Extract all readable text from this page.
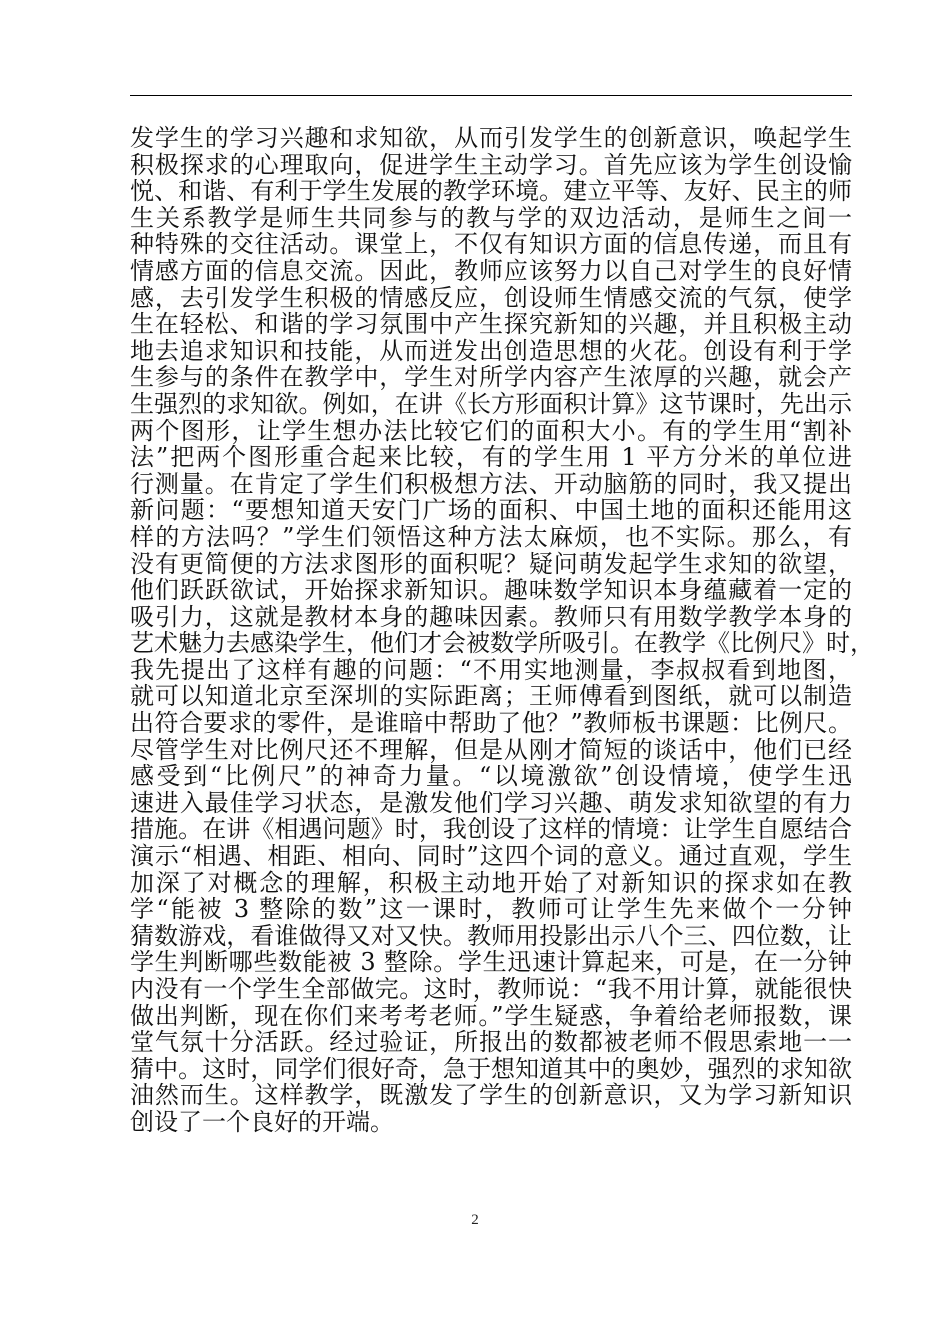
发学生的学习兴趣和求知欲，从而引发学生的创新意识，唤起学生
积极探求的心理取向，促进学生主动学习。首先应该为学生创设愉
悦、和谐、有利于学生发展的教学环境。建立平等、友好、民主的师
生关系教学是师生共同参与的教与学的双边活动，是师生之间一
种特殊的交往活动。课堂上，不仅有知识方面的信息传递，而且有
情感方面的信息交流。因此，教师应该努力以自己对学生的良好情
感，去引发学生积极的情感反应，创设师生情感交流的气氛，使学
生在轻松、和谐的学习氛围中产生探究新知的兴趣，并且积极主动
地去追求知识和技能，从而迸发出创造思想的火花。创设有利于学
生参与的条件在教学中，学生对所学内容产生浓厚的兴趣，就会产
生强烈的求知欲。例如，在讲《长方形面积计算》这节课时，先出示
两个图形，让学生想办法比较它们的面积大小。有的学生用“割补
法”把两个图形重合起来比较，有的学生用 1 平方分米的单位进
行测量。在肯定了学生们积极想方法、开动脑筋的同时，我又提出
新问题：“要想知道天安门广场的面积、中国土地的面积还能用这
样的方法吗？”学生们领悟这种方法太麻烦，也不实际。那么，有
没有更简便的方法求图形的面积呢？疑问萌发起学生求知的欲望，
他们跃跃欲试，开始探求新知识。趣味数学知识本身蕴藏着一定的
吸引力，这就是教材本身的趣味因素。教师只有用数学教学本身的
艺术魅力去感染学生，他们才会被数学所吸引。在教学《比例尺》时，
我先提出了这样有趣的问题：“不用实地测量，李叔叔看到地图，
就可以知道北京至深圳的实际距离；王师傅看到图纸，就可以制造
出符合要求的零件，是谁暗中帮助了他？”教师板书课题：比例尺。
尽管学生对比例尺还不理解，但是从刚才简短的谈话中，他们已经
感受到“比例尺”的神奇力量。“以境激欲”创设情境，使学生迅
速进入最佳学习状态，是激发他们学习兴趣、萌发求知欲望的有力
措施。在讲《相遇问题》时，我创设了这样的情境：让学生自愿结合
演示“相遇、相距、相向、同时”这四个词的意义。通过直观，学生
加深了对概念的理解，积极主动地开始了对新知识的探求如在教
学“能被 3 整除的数”这一课时，教师可让学生先来做个一分钟
猜数游戏，看谁做得又对又快。教师用投影出示八个三、四位数，让
学生判断哪些数能被 3 整除。学生迅速计算起来，可是，在一分钟
内没有一个学生全部做完。这时，教师说：“我不用计算，就能很快
做出判断，现在你们来考考老师。”学生疑惑，争着给老师报数，课
堂气氛十分活跃。经过验证，所报出的数都被老师不假思索地一一
猜中。这时，同学们很好奇，急于想知道其中的奥妙，强烈的求知欲
油然而生。这样教学，既激发了学生的创新意识，又为学习新知识
创设了一个良好的开端。
2
